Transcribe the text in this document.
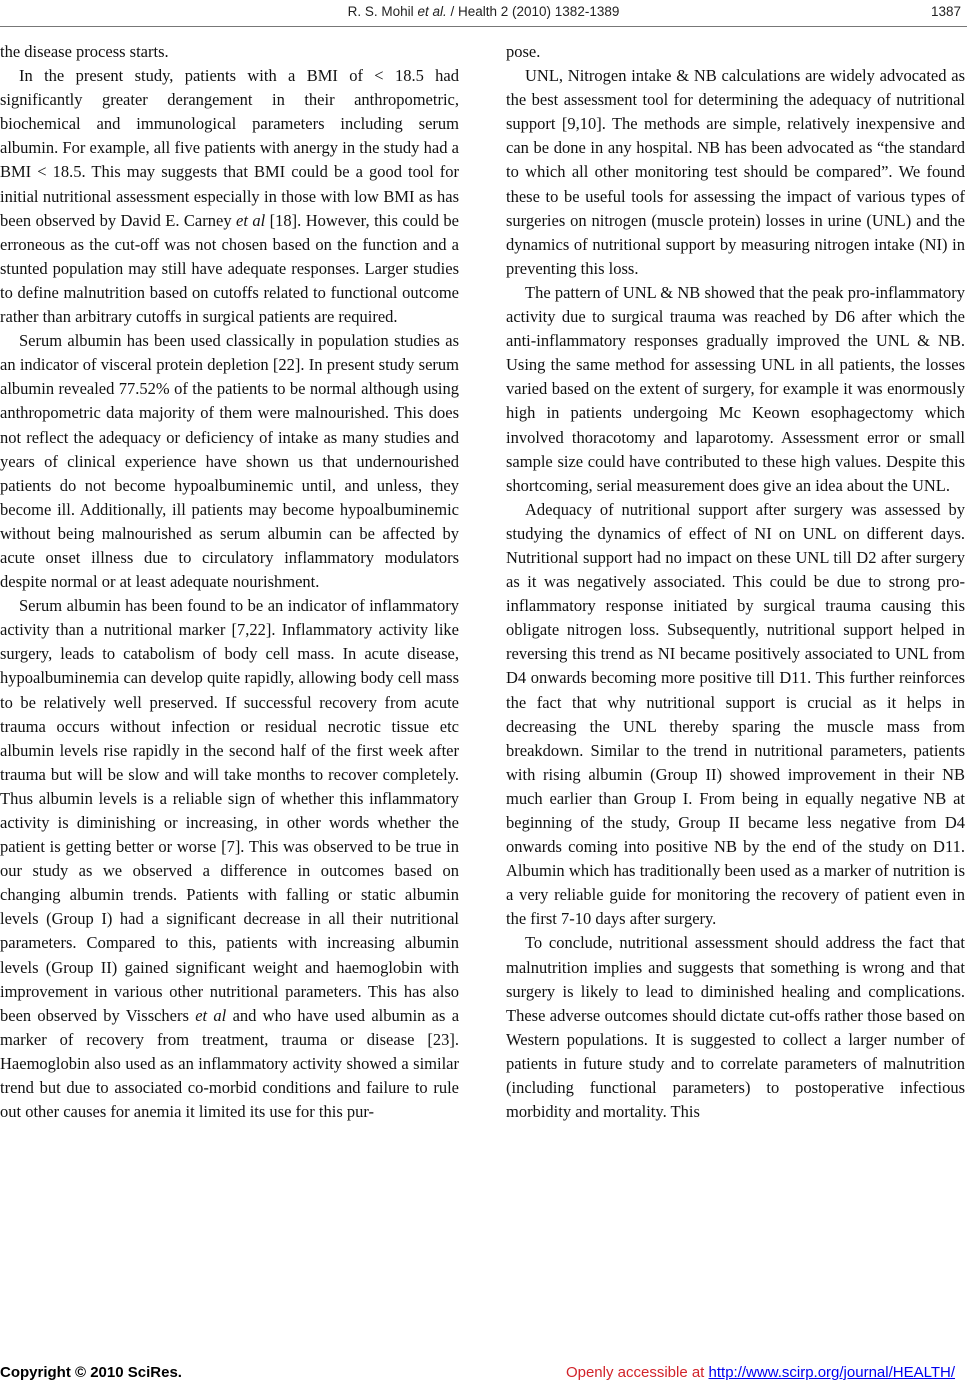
R. S. Mohil et al. / Health 2 (2010) 1382-1389	1387

the disease process starts.

In the present study, patients with a BMI of < 18.5 had significantly greater derangement in their anthropometric, biochemical and immunological parameters including serum albumin. For example, all five patients with anergy in the study had a BMI < 18.5. This may suggests that BMI could be a good tool for initial nutritional assessment especially in those with low BMI as has been observed by David E. Carney et al [18]. However, this could be erroneous as the cut-off was not chosen based on the function and a stunted population may still have adequate responses. Larger studies to define malnutrition based on cutoffs related to functional outcome rather than arbitrary cutoffs in surgical patients are required.

Serum albumin has been used classically in population studies as an indicator of visceral protein depletion [22]. In present study serum albumin revealed 77.52% of the patients to be normal although using anthropometric data majority of them were malnourished. This does not reflect the adequacy or deficiency of intake as many studies and years of clinical experience have shown us that undernourished patients do not become hypoalbuminemic until, and unless, they become ill. Additionally, ill patients may become hypoalbuminemic without being malnourished as serum albumin can be affected by acute onset illness due to circulatory inflammatory modulators despite normal or at least adequate nourishment.

Serum albumin has been found to be an indicator of inflammatory activity than a nutritional marker [7,22]. Inflammatory activity like surgery, leads to catabolism of body cell mass. In acute disease, hypoalbuminemia can develop quite rapidly, allowing body cell mass to be relatively well preserved. If successful recovery from acute trauma occurs without infection or residual necrotic tissue etc albumin levels rise rapidly in the second half of the first week after trauma but will be slow and will take months to recover completely. Thus albumin levels is a reliable sign of whether this inflammatory activity is diminishing or increasing, in other words whether the patient is getting better or worse [7]. This was observed to be true in our study as we observed a difference in outcomes based on changing albumin trends. Patients with falling or static albumin levels (Group I) had a significant decrease in all their nutritional parameters. Compared to this, patients with increasing albumin levels (Group II) gained significant weight and haemoglobin with improvement in various other nutritional parameters. This has also been observed by Visschers et al and who have used albumin as a marker of recovery from treatment, trauma or disease [23]. Haemoglobin also used as an inflammatory activity showed a similar trend but due to associated co-morbid conditions and failure to rule out other causes for anemia it limited its use for this pur-

pose.

UNL, Nitrogen intake & NB calculations are widely advocated as the best assessment tool for determining the adequacy of nutritional support [9,10]. The methods are simple, relatively inexpensive and can be done in any hospital. NB has been advocated as “the standard to which all other monitoring test should be compared”. We found these to be useful tools for assessing the impact of various types of surgeries on nitrogen (muscle protein) losses in urine (UNL) and the dynamics of nutritional support by measuring nitrogen intake (NI) in preventing this loss.

The pattern of UNL & NB showed that the peak pro-inflammatory activity due to surgical trauma was reached by D6 after which the anti-inflammatory responses gradually improved the UNL & NB. Using the same method for assessing UNL in all patients, the losses varied based on the extent of surgery, for example it was enormously high in patients undergoing Mc Keown esophagectomy which involved thoracotomy and laparotomy. Assessment error or small sample size could have contributed to these high values. Despite this shortcoming, serial measurement does give an idea about the UNL.

Adequacy of nutritional support after surgery was assessed by studying the dynamics of effect of NI on UNL on different days. Nutritional support had no impact on these UNL till D2 after surgery as it was negatively associated. This could be due to strong pro-inflammatory response initiated by surgical trauma causing this obligate nitrogen loss. Subsequently, nutritional support helped in reversing this trend as NI became positively associated to UNL from D4 onwards becoming more positive till D11. This further reinforces the fact that why nutritional support is crucial as it helps in decreasing the UNL thereby sparing the muscle mass from breakdown. Similar to the trend in nutritional parameters, patients with rising albumin (Group II) showed improvement in their NB much earlier than Group I. From being in equally negative NB at beginning of the study, Group II became less negative from D4 onwards coming into positive NB by the end of the study on D11. Albumin which has traditionally been used as a marker of nutrition is a very reliable guide for monitoring the recovery of patient even in the first 7-10 days after surgery.

To conclude, nutritional assessment should address the fact that malnutrition implies and suggests that something is wrong and that surgery is likely to lead to diminished healing and complications. These adverse outcomes should dictate cut-offs rather those based on Western populations. It is suggested to collect a larger number of patients in future study and to correlate parameters of malnutrition (including functional parameters) to postoperative infectious morbidity and mortality. This

Copyright © 2010 SciRes.	Openly accessible at http://www.scirp.org/journal/HEALTH/
